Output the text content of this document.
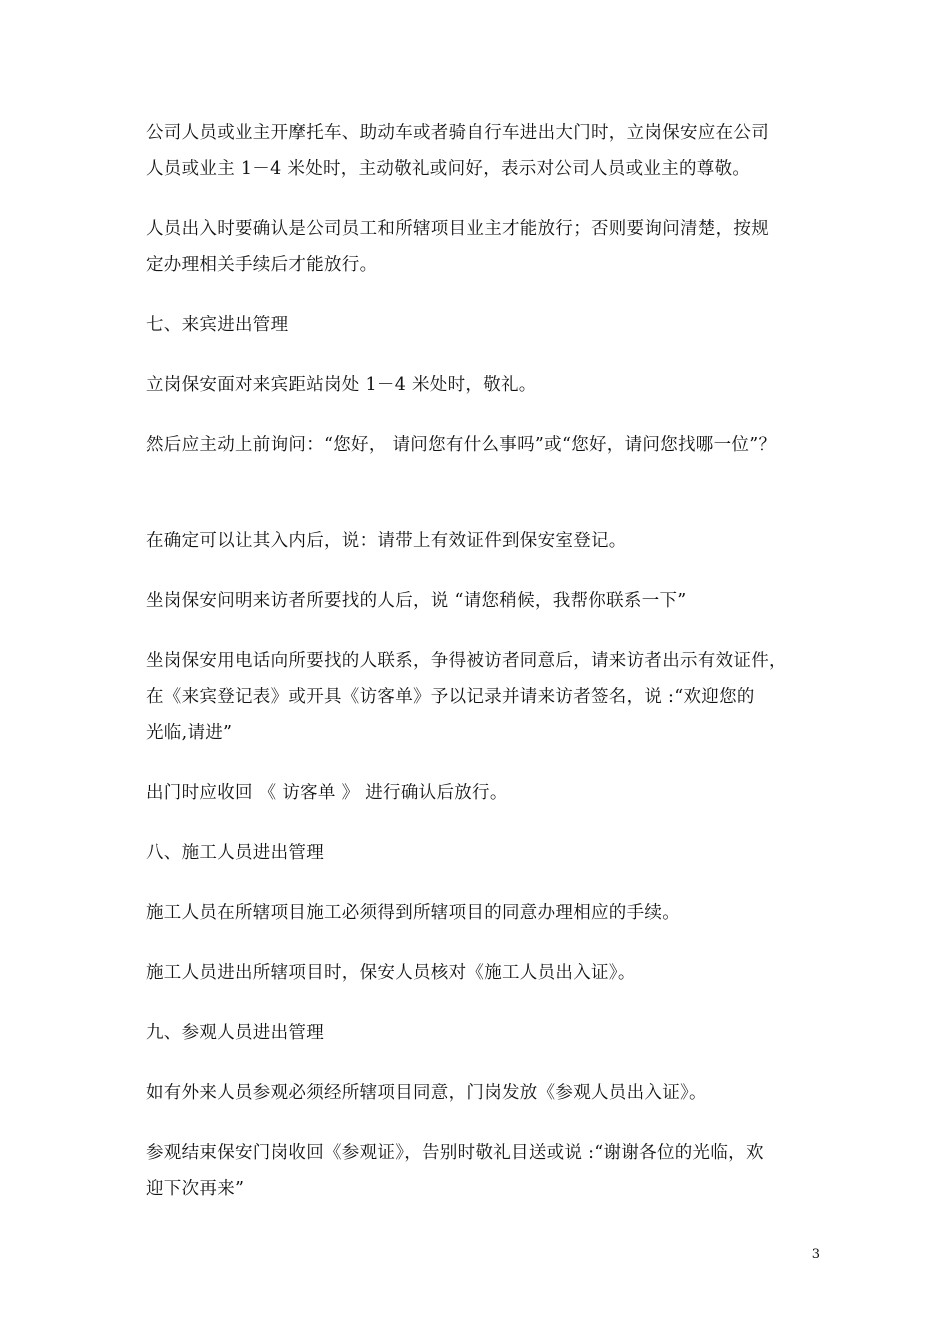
公司人员或业主开摩托车、助动车或者骑自行车进出大门时，立岗保安应在公司
人员或业主 1－4 米处时，主动敬礼或问好，表示对公司人员或业主的尊敬。
人员出入时要确认是公司员工和所辖项目业主才能放行；否则要询问清楚，按规
定办理相关手续后才能放行。
七、来宾进出管理
立岗保安面对来宾距站岗处 1－4 米处时，敬礼。
然后应主动上前询问：“您好， 请问您有什么事吗”或“您好，请问您找哪一位”？
在确定可以让其入内后，说：请带上有效证件到保安室登记。
坐岗保安问明来访者所要找的人后，说 “请您稍候，我帮你联系一下”
坐岗保安用电话向所要找的人联系，争得被访者同意后，请来访者出示有效证件，
在《来宾登记表》或开具《访客单》予以记录并请来访者签名，说 :“欢迎您的
光临,请进”
出门时应收回 《 访客单 》 进行确认后放行。
八、施工人员进出管理
施工人员在所辖项目施工必须得到所辖项目的同意办理相应的手续。
施工人员进出所辖项目时，保安人员核对《施工人员出入证》。
九、参观人员进出管理
如有外来人员参观必须经所辖项目同意，门岗发放《参观人员出入证》。
参观结束保安门岗收回《参观证》，告别时敬礼目送或说 :“谢谢各位的光临，欢
迎下次再来”
3
